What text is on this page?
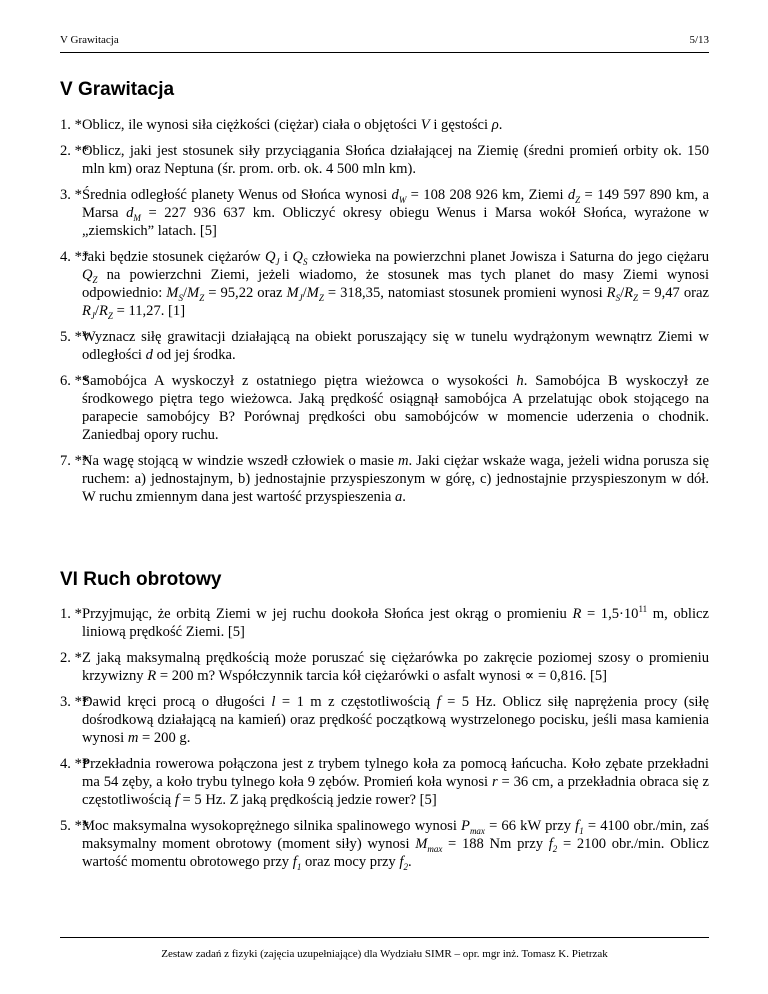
V Grawitacja	5/13
V Grawitacja
1. * Oblicz, ile wynosi siła ciężkości (ciężar) ciała o objętości V i gęstości ρ.
2. **
Oblicz, jaki jest stosunek siły przyciągania Słońca działającej na Ziemię (średni promień orbity ok. 150 mln km) oraz Neptuna (śr. prom. orb. ok. 4 500 mln km).
3. * Średnia odległość planety Wenus od Słońca wynosi $d_W = 108$ 208 926 km, Ziemi $d_Z = 149$ 597 890 km, a Marsa $d_M = 227$ 936 637 km. Obliczyć okresy obiegu Wenus i Marsa wokół Słońca, wyrażone w „ziemskich” latach. [5]
4. **
Jaki będzie stosunek ciężarów $Q_J$ i $Q_S$ człowieka na powierzchni planet Jowisza i Saturna do jego ciężaru $Q_Z$ na powierzchni Ziemi, jeżeli wiadomo, że stosunek mas tych planet do masy Ziemi wynosi odpowiednio: $M_S/M_Z = 95,22$ oraz $M_J/M_Z = 318,35$, natomiast stosunek promieni wynosi $R_S/R_Z = 9,47$ oraz $R_J/R_Z = 11,27$. [1]
5. **
Wyznacz siłę grawitacji działającą na obiekt poruszający się w tunelu wydrążonym wewnątrz Ziemi w odległości d od jej środka.
6. **
Samobójca A wyskoczył z ostatniego piętra wieżowca o wysokości h. Samobójca B wyskoczył ze środkowego piętra tego wieżowca. Jaką prędkość osiągnął samobójca A przelatując obok stojącego na parapecie samobójcy B? Porównaj prędkości obu samobójców w momencie uderzenia o chodnik. Zaniedbaj opory ruchu.
7. **
Na wagę stojącą w windzie wszedł człowiek o masie m. Jaki ciężar wskaże waga, jeżeli widna porusza się ruchem: a) jednostajnym, b) jednostajnie przyspieszonym w górę, c) jednostajnie przyspieszonym w dół. W ruchu zmiennym dana jest wartość przyspieszenia a.
VI Ruch obrotowy
1. * Przyjmując, że orbitą Ziemi w jej ruchu dookoła Słońca jest okrąg o promieniu $R = 1,5\cdot 10^{11}$ m, oblicz liniową prędkość Ziemi. [5]
2. * Z jaką maksymalną prędkością może poruszać się ciężarówka po zakręcie poziomej szosy o promieniu krzywizny R = 200 m? Współczynnik tarcia kół ciężarówki o asfalt wynosi ∝ = 0,816. [5]
3. **
Dawid kręci procą o długości l = 1 m z częstotliwością f = 5 Hz. Oblicz siłę naprężenia procy (siłę dośrodkową działającą na kamień) oraz prędkość początkową wystrzelonego pocisku, jeśli masa kamienia wynosi m = 200 g.
4. **
Przekładnia rowerowa połączona jest z trybem tylnego koła za pomocą łańcucha. Koło zębate przekładni ma 54 zęby, a koło trybu tylnego koła 9 zębów. Promień koła wynosi r = 36 cm, a przekładnia obraca się z częstotliwością f = 5 Hz. Z jaką prędkością jedzie rower? [5]
5. **
Moc maksymalna wysokoprężnego silnika spalinowego wynosi $P_{max} = 66$ kW przy $f_1 = 4100$ obr./min, zaś maksymalny moment obrotowy (moment siły) wynosi $M_{max} = 188$ Nm przy $f_2 = 2100$ obr./min. Oblicz wartość momentu obrotowego przy $f_1$ oraz mocy przy $f_2$.
Zestaw zadań z fizyki (zajęcia uzupełniające) dla Wydziału SIMR – opr. mgr inż. Tomasz K. Pietrzak
